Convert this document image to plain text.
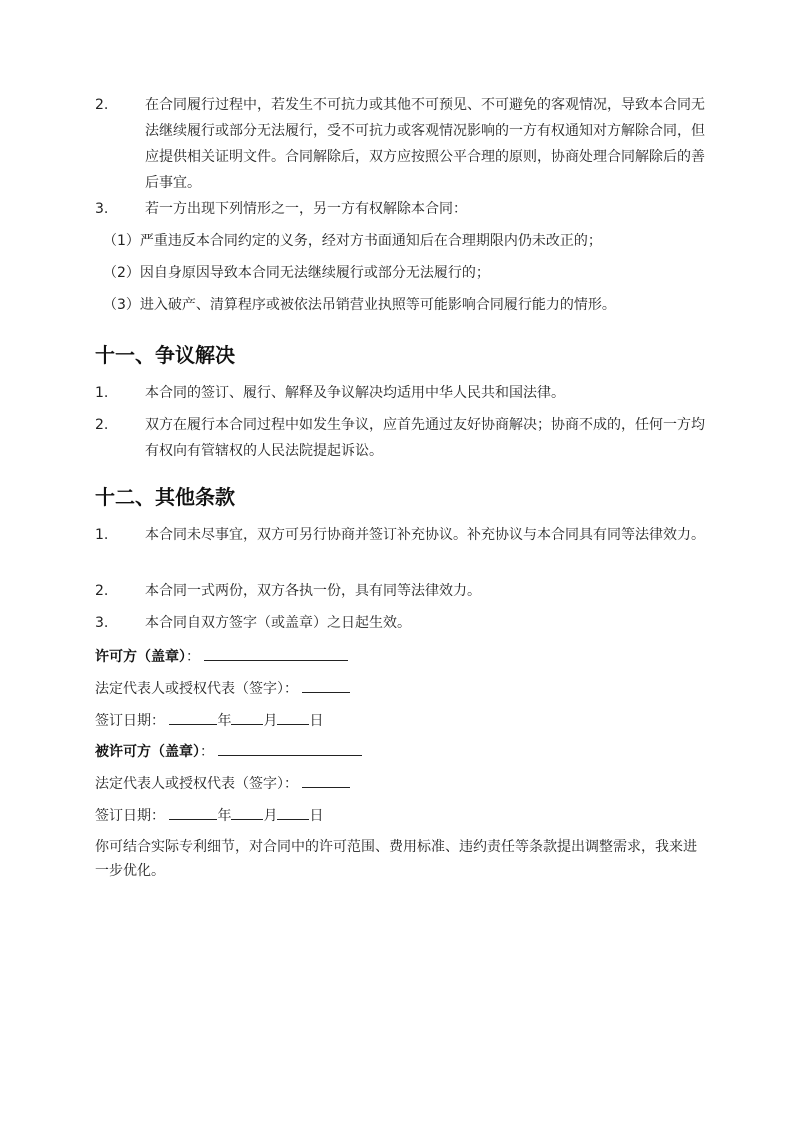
2.	在合同履行过程中，若发生不可抗力或其他不可预见、不可避免的客观情况，导致本合同无法继续履行或部分无法履行，受不可抗力或客观情况影响的一方有权通知对方解除合同，但应提供相关证明文件。合同解除后，双方应按照公平合理的原则，协商处理合同解除后的善后事宜。
3.	若一方出现下列情形之一，另一方有权解除本合同：
（1）严重违反本合同约定的义务，经对方书面通知后在合理期限内仍未改正的；
（2）因自身原因导致本合同无法继续履行或部分无法履行的；
（3）进入破产、清算程序或被依法吊销营业执照等可能影响合同履行能力的情形。
十一、争议解决
1.	本合同的签订、履行、解释及争议解决均适用中华人民共和国法律。
2.	双方在履行本合同过程中如发生争议，应首先通过友好协商解决；协商不成的，任何一方均有权向有管辖权的人民法院提起诉讼。
十二、其他条款
1.	本合同未尽事宜，双方可另行协商并签订补充协议。补充协议与本合同具有同等法律效力。
2.	本合同一式两份，双方各执一份，具有同等法律效力。
3.	本合同自双方签字（或盖章）之日起生效。
许可方（盖章）：
法定代表人或授权代表（签字）：
签订日期：	年 月 日
被许可方（盖章）：
法定代表人或授权代表（签字）：
签订日期：	年 月 日
你可结合实际专利细节，对合同中的许可范围、费用标准、违约责任等条款提出调整需求，我来进一步优化。
